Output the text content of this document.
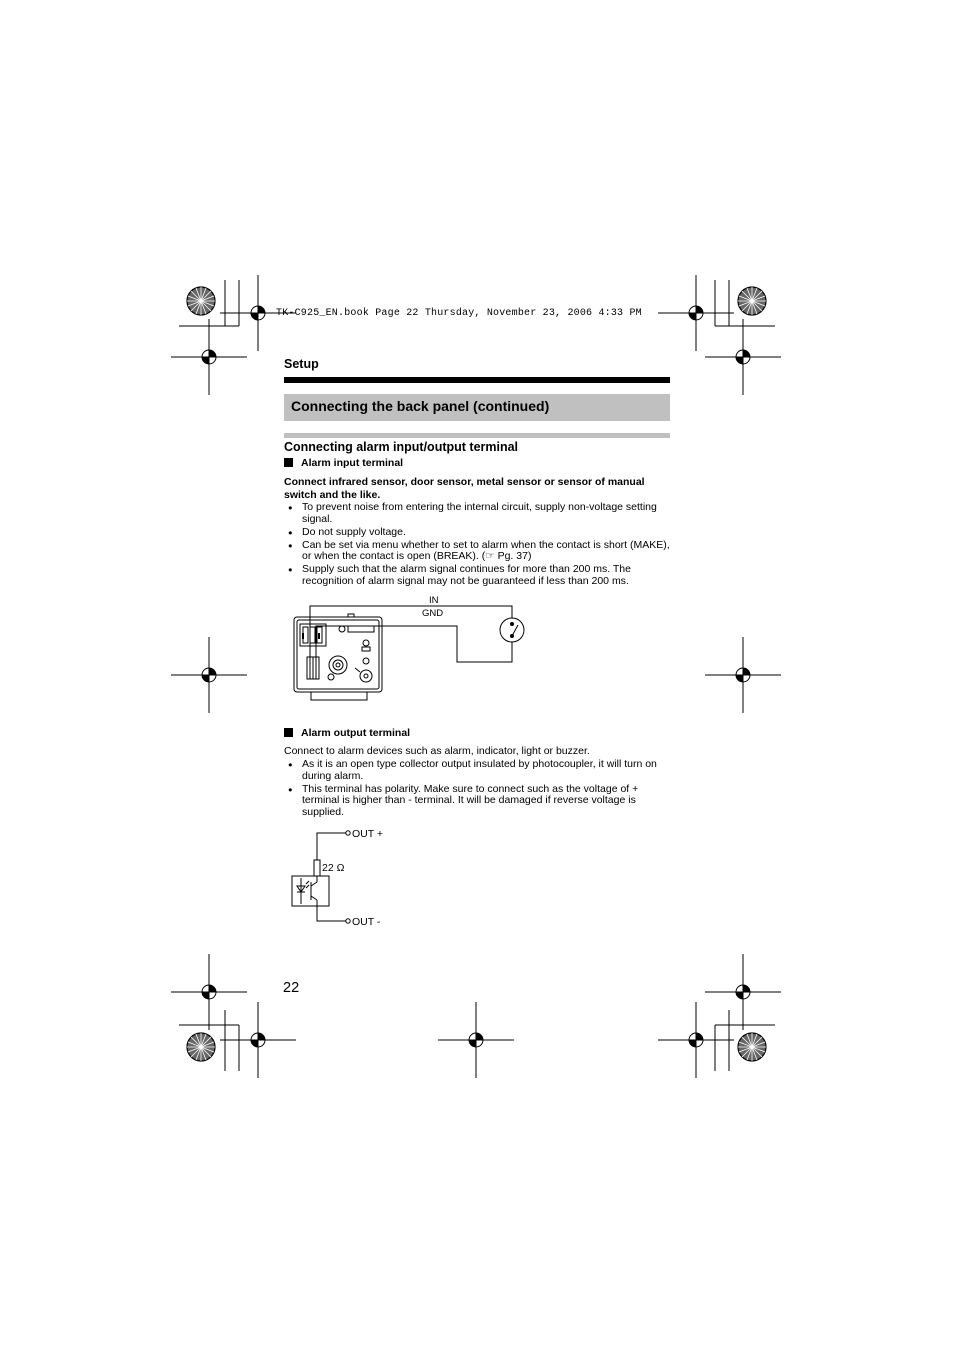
TK-C925_EN.book Page 22 Thursday, November 23, 2006 4:33 PM
Setup
Connecting the back panel (continued)
Connecting alarm input/output terminal
Alarm input terminal
Connect infrared sensor, door sensor, metal sensor or sensor of manual switch and the like.
● To prevent noise from entering the internal circuit, supply non-voltage setting signal.
● Do not supply voltage.
● Can be set via menu whether to set to alarm when the contact is short (MAKE), or when the contact is open (BREAK). (☞ Pg. 37)
● Supply such that the alarm signal continues for more than 200 ms. The recognition of alarm signal may not be guaranteed if less than 200 ms.
IN
GND
Alarm output terminal
Connect to alarm devices such as alarm, indicator, light or buzzer.
● As it is an open type collector output insulated by photocoupler, it will turn on during alarm.
● This terminal has polarity. Make sure to connect such as the voltage of + terminal is higher than - terminal. It will be damaged if reverse voltage is supplied.
OUT +
OUT -
22 Ω
22
